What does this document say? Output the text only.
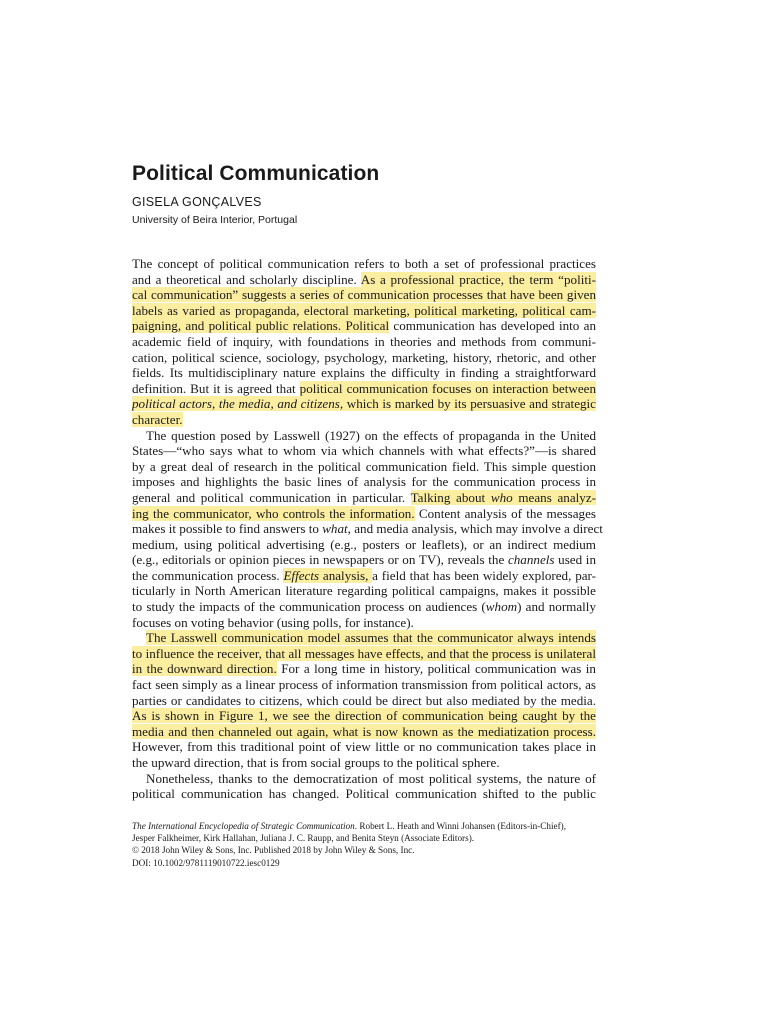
Political Communication
GISELA GONÇALVES
University of Beira Interior, Portugal
The concept of political communication refers to both a set of professional practices
and a theoretical and scholarly discipline. As a professional practice, the term “politi-
cal communication” suggests a series of communication processes that have been given
labels as varied as propaganda, electoral marketing, political marketing, political cam-
paigning, and political public relations. Political communication has developed into an
academic field of inquiry, with foundations in theories and methods from communi-
cation, political science, sociology, psychology, marketing, history, rhetoric, and other
fields. Its multidisciplinary nature explains the difficulty in finding a straightforward
definition. But it is agreed that political communication focuses on interaction between
political actors, the media, and citizens, which is marked by its persuasive and strategic
character.
The question posed by Lasswell (1927) on the effects of propaganda in the United
States—“who says what to whom via which channels with what effects?”—is shared
by a great deal of research in the political communication field. This simple question
imposes and highlights the basic lines of analysis for the communication process in
general and political communication in particular. Talking about who means analyz-
ing the communicator, who controls the information. Content analysis of the messages
makes it possible to find answers to what, and media analysis, which may involve a direct
medium, using political advertising (e.g., posters or leaflets), or an indirect medium
(e.g., editorials or opinion pieces in newspapers or on TV), reveals the channels used in
the communication process. Effects analysis, a field that has been widely explored, par-
ticularly in North American literature regarding political campaigns, makes it possible
to study the impacts of the communication process on audiences (whom) and normally
focuses on voting behavior (using polls, for instance).
The Lasswell communication model assumes that the communicator always intends
to influence the receiver, that all messages have effects, and that the process is unilateral
in the downward direction. For a long time in history, political communication was in
fact seen simply as a linear process of information transmission from political actors, as
parties or candidates to citizens, which could be direct but also mediated by the media.
As is shown in Figure 1, we see the direction of communication being caught by the
media and then channeled out again, what is now known as the mediatization process.
However, from this traditional point of view little or no communication takes place in
the upward direction, that is from social groups to the political sphere.
Nonetheless, thanks to the democratization of most political systems, the nature of
political communication has changed. Political communication shifted to the public
The International Encyclopedia of Strategic Communication. Robert L. Heath and Winni Johansen (Editors-in-Chief),
Jesper Falkheimer, Kirk Hallahan, Juliana J. C. Raupp, and Benita Steyn (Associate Editors).
© 2018 John Wiley & Sons, Inc. Published 2018 by John Wiley & Sons, Inc.
DOI: 10.1002/9781119010722.iesc0129
